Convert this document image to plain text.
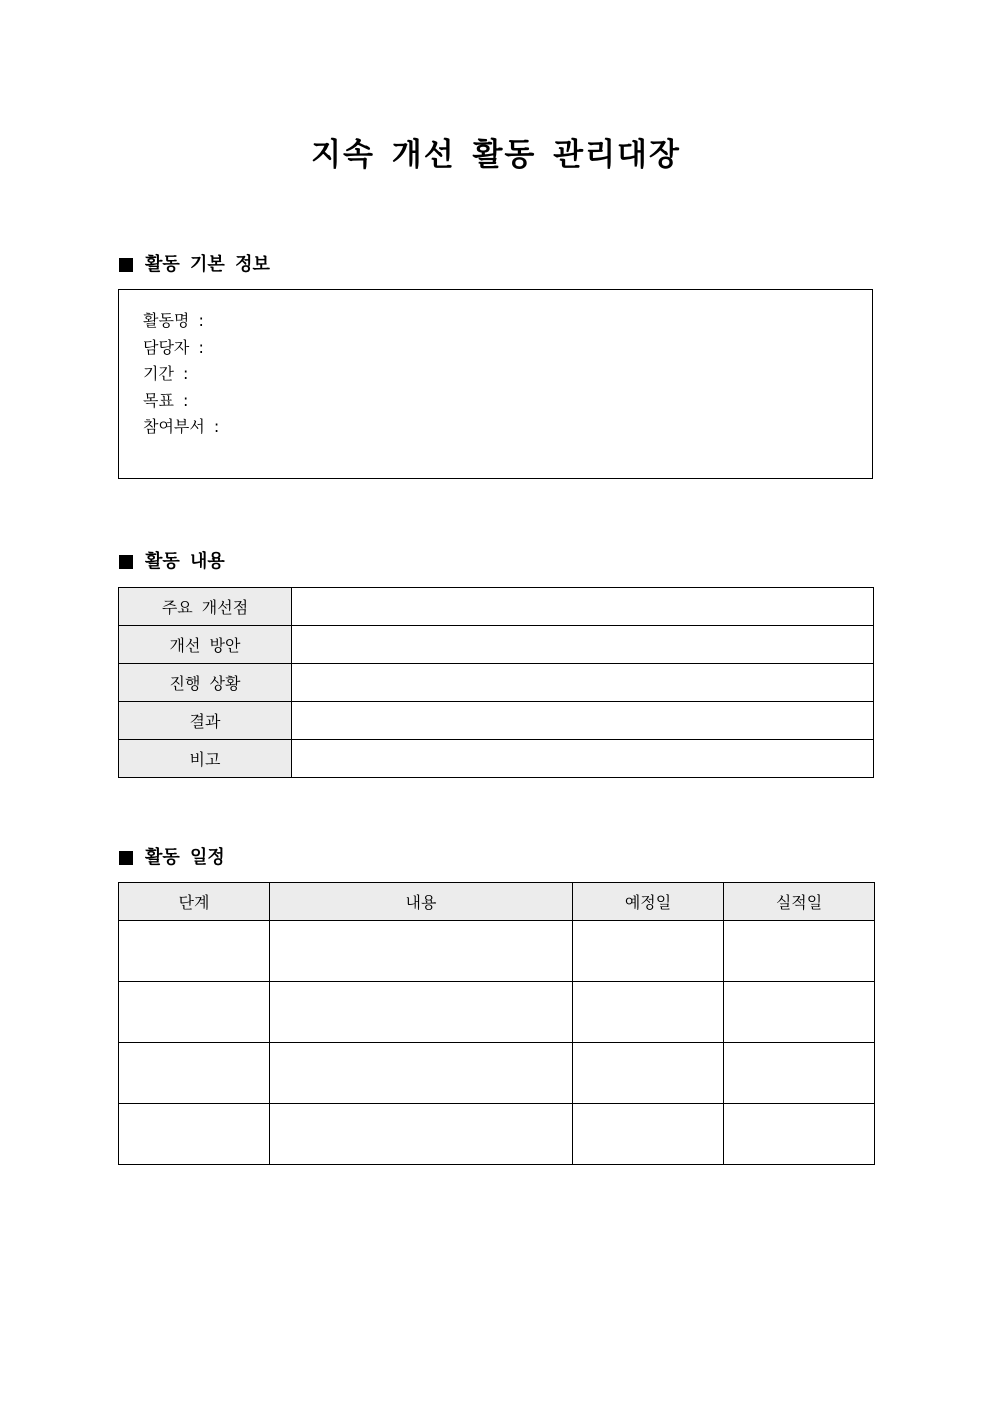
지속 개선 활동 관리대장
활동 기본 정보
활동명 :
담당자 :
기간 :
목표 :
참여부서 :
활동 내용
주요 개선점	
개선 방안	
진행 상황	
결과	
비고	
활동 일정
단계	내용	예정일	실적일
